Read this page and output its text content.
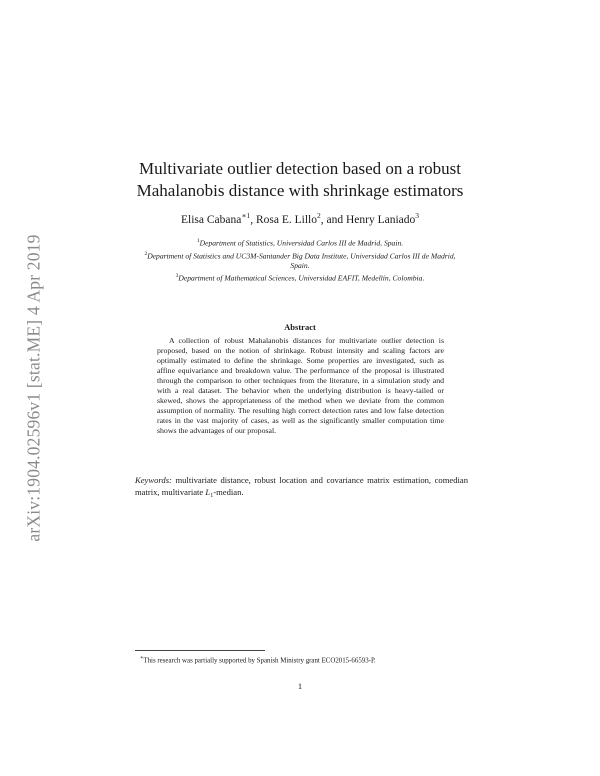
arXiv:1904.02596v1 [stat.ME] 4 Apr 2019
Multivariate outlier detection based on a robust
Mahalanobis distance with shrinkage estimators
Elisa Cabana$^{∗1}$, Rosa E. Lillo$^2$, and Henry Laniado$^3$
$^1$Department of Statistics, Universidad Carlos III de Madrid, Spain.
$^2$Department of Statistics and UC3M-Santander Big Data Institute, Universidad Carlos III de Madrid, Spain.
$^3$Department of Mathematical Sciences, Universidad EAFIT, Medellín, Colombia.
Abstract

A collection of robust Mahalanobis distances for multivariate outlier detection is proposed, based on the notion of shrinkage. Robust intensity and scaling factors are optimally estimated to define the shrinkage. Some properties are investigated, such as affine equivariance and breakdown value. The performance of the proposal is illustrated through the comparison to other techniques from the literature, in a simulation study and with a real dataset. The behavior when the underlying distribution is heavy-tailed or skewed, shows the appropriateness of the method when we deviate from the common assumption of normality. The resulting high correct detection rates and low false detection rates in the vast majority of cases, as well as the significantly smaller computation time shows the advantages of our proposal.

Keywords: multivariate distance, robust location and covariance matrix estimation, comedian matrix, multivariate $L_1$-median.

∗This research was partially supported by Spanish Ministry grant ECO2015-66593-P.
1
